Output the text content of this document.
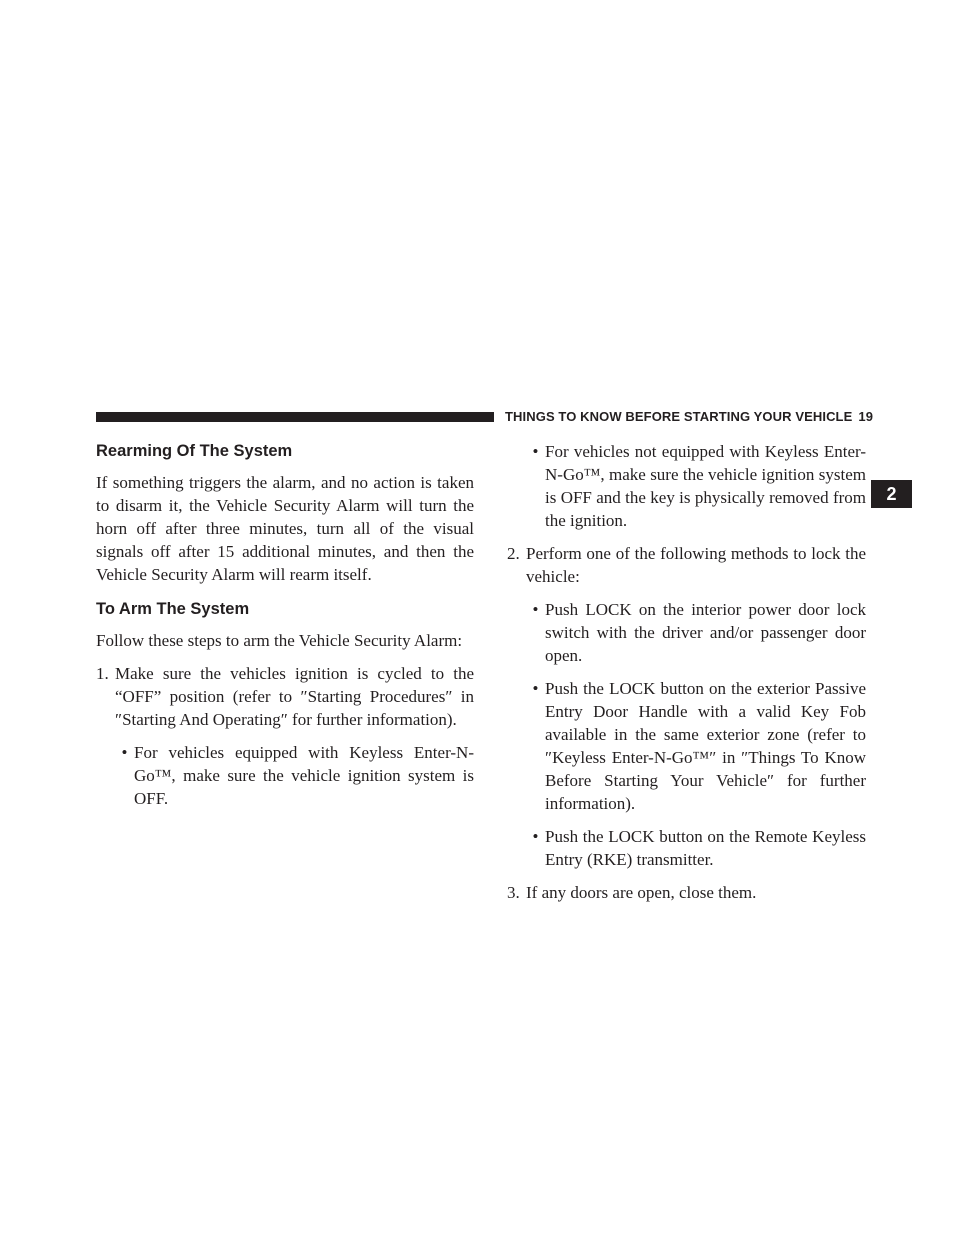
THINGS TO KNOW BEFORE STARTING YOUR VEHICLE 19
2
Rearming Of The System

If something triggers the alarm, and no action is taken to disarm it, the Vehicle Security Alarm will turn the horn off after three minutes, turn all of the visual signals off after 15 additional minutes, and then the Vehicle Security Alarm will rearm itself.

To Arm The System

Follow these steps to arm the Vehicle Security Alarm:

1. Make sure the vehicles ignition is cycled to the “OFF” position (refer to ″Starting Procedures″ in ″Starting And Operating″ for further information).
• For vehicles equipped with Keyless Enter-N-Go™, make sure the vehicle ignition system is OFF.
• For vehicles not equipped with Keyless Enter-N-Go™, make sure the vehicle ignition system is OFF and the key is physically removed from the ignition.
2. Perform one of the following methods to lock the vehicle:
• Push LOCK on the interior power door lock switch with the driver and/or passenger door open.
• Push the LOCK button on the exterior Passive Entry Door Handle with a valid Key Fob available in the same exterior zone (refer to ″Keyless Enter-N-Go™″ in ″Things To Know Before Starting Your Vehicle″ for further information).
• Push the LOCK button on the Remote Keyless Entry (RKE) transmitter.
3. If any doors are open, close them.
